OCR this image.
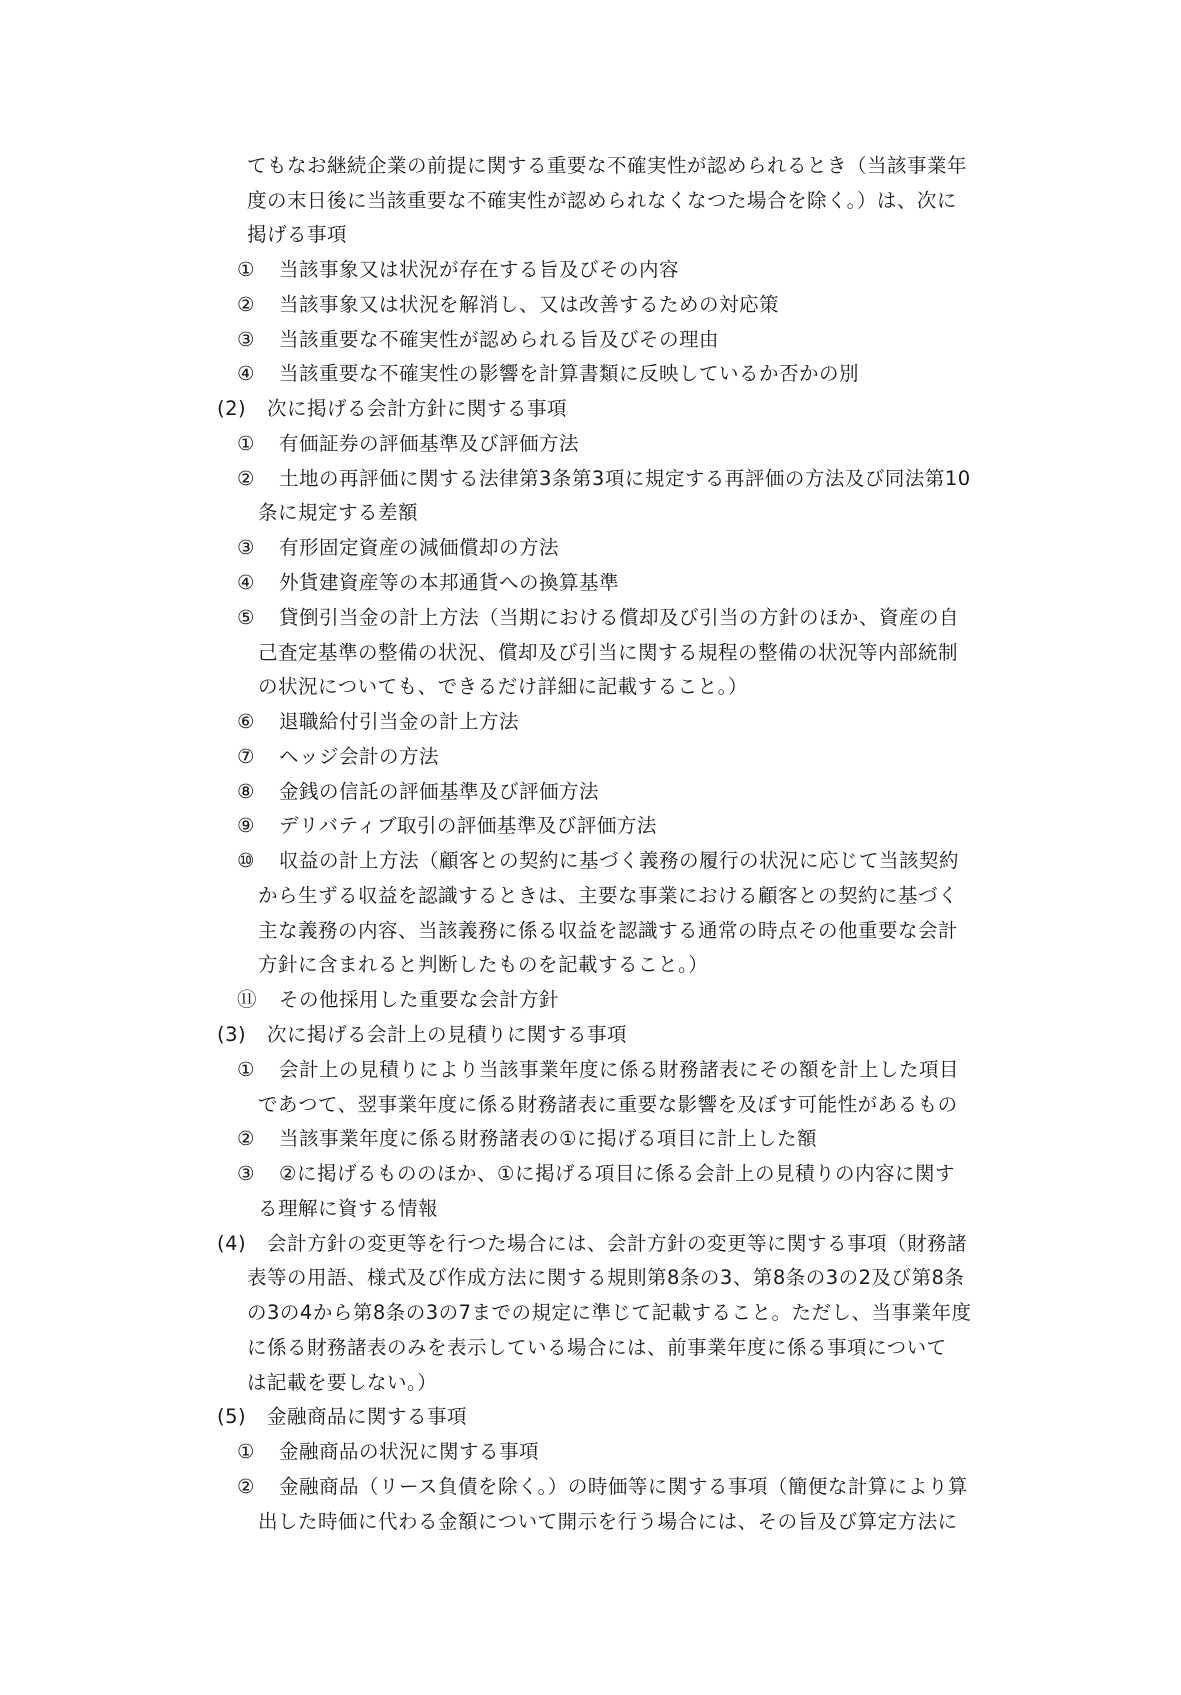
てもなお継続企業の前提に関する重要な不確実性が認められるとき（当該事業年
度の末日後に当該重要な不確実性が認められなくなつた場合を除く。）は、次に
掲げる事項
① 当該事象又は状況が存在する旨及びその内容
② 当該事象又は状況を解消し、又は改善するための対応策
③ 当該重要な不確実性が認められる旨及びその理由
④ 当該重要な不確実性の影響を計算書類に反映しているか否かの別
(2) 次に掲げる会計方針に関する事項
① 有価証券の評価基準及び評価方法
② 土地の再評価に関する法律第3条第3項に規定する再評価の方法及び同法第10
条に規定する差額
③ 有形固定資産の減価償却の方法
④ 外貨建資産等の本邦通貨への換算基準
⑤ 貸倒引当金の計上方法（当期における償却及び引当の方針のほか、資産の自
己査定基準の整備の状況、償却及び引当に関する規程の整備の状況等内部統制
の状況についても、できるだけ詳細に記載すること。）
⑥ 退職給付引当金の計上方法
⑦ ヘッジ会計の方法
⑧ 金銭の信託の評価基準及び評価方法
⑨ デリバティブ取引の評価基準及び評価方法
⑩ 収益の計上方法（顧客との契約に基づく義務の履行の状況に応じて当該契約
から生ずる収益を認識するときは、主要な事業における顧客との契約に基づく
主な義務の内容、当該義務に係る収益を認識する通常の時点その他重要な会計
方針に含まれると判断したものを記載すること。）
⑪ その他採用した重要な会計方針
(3) 次に掲げる会計上の見積りに関する事項
① 会計上の見積りにより当該事業年度に係る財務諸表にその額を計上した項目
であつて、翌事業年度に係る財務諸表に重要な影響を及ぼす可能性があるもの
② 当該事業年度に係る財務諸表の①に掲げる項目に計上した額
③ ②に掲げるもののほか、①に掲げる項目に係る会計上の見積りの内容に関す
る理解に資する情報
(4) 会計方針の変更等を行つた場合には、会計方針の変更等に関する事項（財務諸
表等の用語、様式及び作成方法に関する規則第8条の3、第8条の3の2及び第8条
の3の4から第8条の3の7までの規定に準じて記載すること。ただし、当事業年度
に係る財務諸表のみを表示している場合には、前事業年度に係る事項について
は記載を要しない。）
(5) 金融商品に関する事項
① 金融商品の状況に関する事項
② 金融商品（リース負債を除く。）の時価等に関する事項（簡便な計算により算
出した時価に代わる金額について開示を行う場合には、その旨及び算定方法に
